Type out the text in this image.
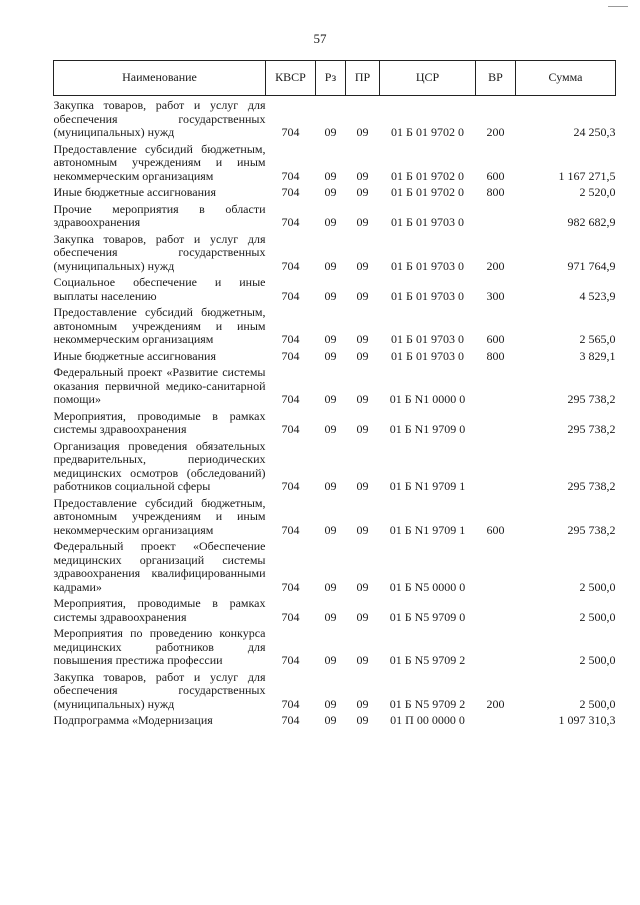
57
Наименование	КВСР	Рз	ПР	ЦСР	ВР	Сумма
Закупка товаров, работ и услуг для обеспечения государственных (муниципальных) нужд	704	09	09	01 Б 01 9702 0	200	24 250,3
Предоставление субсидий бюджетным, автономным учреждениям и иным некоммерческим организациям	704	09	09	01 Б 01 9702 0	600	1 167 271,5
Иные бюджетные ассигнования	704	09	09	01 Б 01 9702 0	800	2 520,0
Прочие мероприятия в области здравоохранения	704	09	09	01 Б 01 9703 0		982 682,9
Закупка товаров, работ и услуг для обеспечения государственных (муниципальных) нужд	704	09	09	01 Б 01 9703 0	200	971 764,9
Социальное обеспечение и иные выплаты населению	704	09	09	01 Б 01 9703 0	300	4 523,9
Предоставление субсидий бюджетным, автономным учреждениям и иным некоммерческим организациям	704	09	09	01 Б 01 9703 0	600	2 565,0
Иные бюджетные ассигнования	704	09	09	01 Б 01 9703 0	800	3 829,1
Федеральный проект «Развитие системы оказания первичной медико-санитарной помощи»	704	09	09	01 Б N1 0000 0		295 738,2
Мероприятия, проводимые в рамках системы здравоохранения	704	09	09	01 Б N1 9709 0		295 738,2
Организация проведения обязательных предварительных, периодических медицинских осмотров (обследований) работников социальной сферы	704	09	09	01 Б N1 9709 1		295 738,2
Предоставление субсидий бюджетным, автономным учреждениям и иным некоммерческим организациям	704	09	09	01 Б N1 9709 1	600	295 738,2
Федеральный проект «Обеспечение медицинских организаций системы здравоохранения квалифицированными кадрами»	704	09	09	01 Б N5 0000 0		2 500,0
Мероприятия, проводимые в рамках системы здравоохранения	704	09	09	01 Б N5 9709 0		2 500,0
Мероприятия по проведению конкурса медицинских работников для повышения престижа профессии	704	09	09	01 Б N5 9709 2		2 500,0
Закупка товаров, работ и услуг для обеспечения государственных (муниципальных) нужд	704	09	09	01 Б N5 9709 2	200	2 500,0
Подпрограмма «Модернизация	704	09	09	01 П 00 0000 0		1 097 310,3
